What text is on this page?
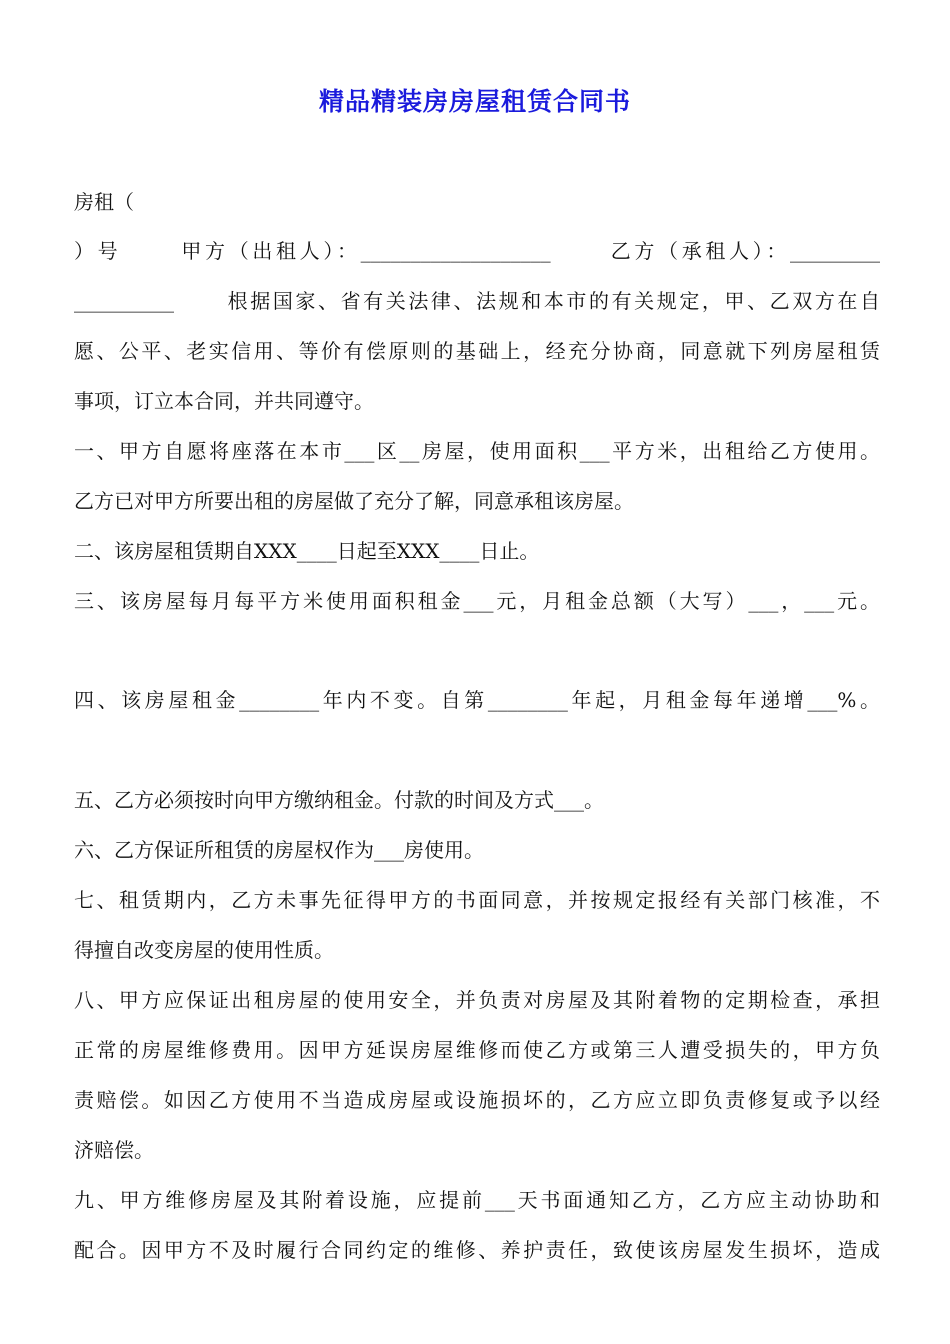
精品精装房房屋租赁合同书
房租（
）号      甲方（出租人）：___________________      乙方（承租人）：_________
__________      根据国家、省有关法律、法规和本市的有关规定，甲、乙双方在自
愿、公平、老实信用、等价有偿原则的基础上，经充分协商，同意就下列房屋租赁
事项，订立本合同，并共同遵守。
一、甲方自愿将座落在本市___区__房屋，使用面积___平方米，出租给乙方使用。
乙方已对甲方所要出租的房屋做了充分了解，同意承租该房屋。
二、该房屋租赁期自XXX____日起至XXX____日止。
三、该房屋每月每平方米使用面积租金___元，月租金总额（大写）___，___元。
四、该房屋租金________年内不变。自第________年起，月租金每年递增___%。
五、乙方必须按时向甲方缴纳租金。付款的时间及方式___。
六、乙方保证所租赁的房屋权作为___房使用。
七、租赁期内，乙方未事先征得甲方的书面同意，并按规定报经有关部门核准，不
得擅自改变房屋的使用性质。
八、甲方应保证出租房屋的使用安全，并负责对房屋及其附着物的定期检查，承担
正常的房屋维修费用。因甲方延误房屋维修而使乙方或第三人遭受损失的，甲方负
责赔偿。如因乙方使用不当造成房屋或设施损坏的，乙方应立即负责修复或予以经
济赔偿。
九、甲方维修房屋及其附着设施，应提前___天书面通知乙方，乙方应主动协助和
配合。因甲方不及时履行合同约定的维修、养护责任，致使该房屋发生损坏，造成
